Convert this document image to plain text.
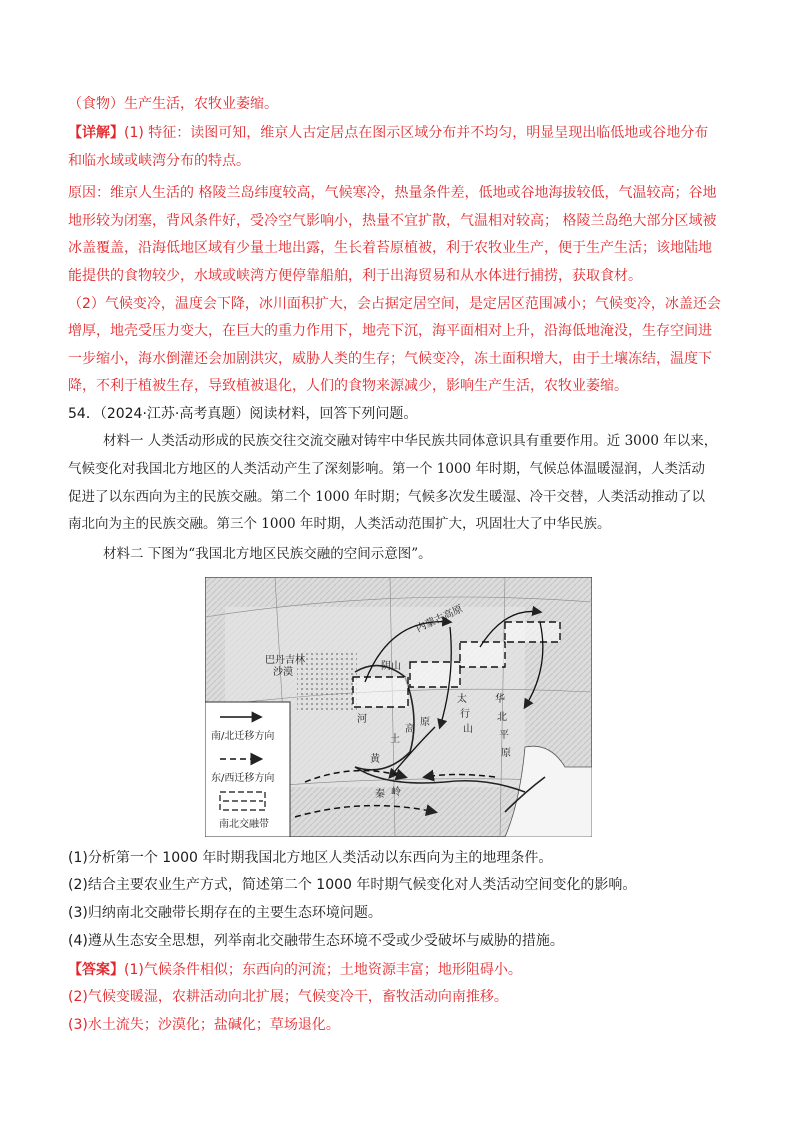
（食物）生产生活，农牧业萎缩。
【详解】(1) 特征：读图可知，维京人古定居点在图示区域分布并不均匀，明显呈现出临低地或谷地分布
和临水域或峡湾分布的特点。
原因：维京人生活的 格陵兰岛纬度较高，气候寒冷，热量条件差，低地或谷地海拔较低，气温较高；谷地
地形较为闭塞，背风条件好，受冷空气影响小，热量不宜扩散，气温相对较高； 格陵兰岛绝大部分区域被
冰盖覆盖，沿海低地区域有少量土地出露，生长着苔原植被，利于农牧业生产，便于生产生活；该地陆地
能提供的食物较少，水域或峡湾方便停靠船舶，利于出海贸易和从水体进行捕捞，获取食材。
（2）气候变冷，温度会下降，冰川面积扩大，会占据定居空间，是定居区范围减小；气候变冷，冰盖还会
增厚，地壳受压力变大，在巨大的重力作用下，地壳下沉，海平面相对上升，沿海低地淹没，生存空间进
一步缩小，海水倒灌还会加剧洪灾，威胁人类的生存；气候变冷，冻土面积增大，由于土壤冻结，温度下
降，不利于植被生存，导致植被退化，人们的食物来源减少，影响生产生活，农牧业萎缩。
54．（2024·江苏·高考真题）阅读材料，回答下列问题。
材料一 人类活动形成的民族交往交流交融对铸牢中华民族共同体意识具有重要作用。近 3000 年以来，
气候变化对我国北方地区的人类活动产生了深刻影响。第一个 1000 年时期，气候总体温暖湿润，人类活动
促进了以东西向为主的民族交融。第二个 1000 年时期；气候多次发生暖湿、冷干交替，人类活动推动了以
南北向为主的民族交融。第三个 1000 年时期，人类活动范围扩大，巩固壮大了中华民族。
材料二 下图为“我国北方地区民族交融的空间示意图”。
内蒙古高原
阴山
巴丹吉林
沙漠
河
太
行
山
华
北
平
原
黄
土
高
原
秦 岭
南/北迁移方向
东/西迁移方向
南北交融带
(1)分析第一个 1000 年时期我国北方地区人类活动以东西向为主的地理条件。
(2)结合主要农业生产方式，简述第二个 1000 年时期气候变化对人类活动空间变化的影响。
(3)归纳南北交融带长期存在的主要生态环境问题。
(4)遵从生态安全思想，列举南北交融带生态环境不受或少受破坏与威胁的措施。
【答案】(1)气候条件相似；东西向的河流；土地资源丰富；地形阻碍小。
(2)气候变暖湿，农耕活动向北扩展；气候变冷干，畜牧活动向南推移。
(3)水土流失；沙漠化；盐碱化；草场退化。
